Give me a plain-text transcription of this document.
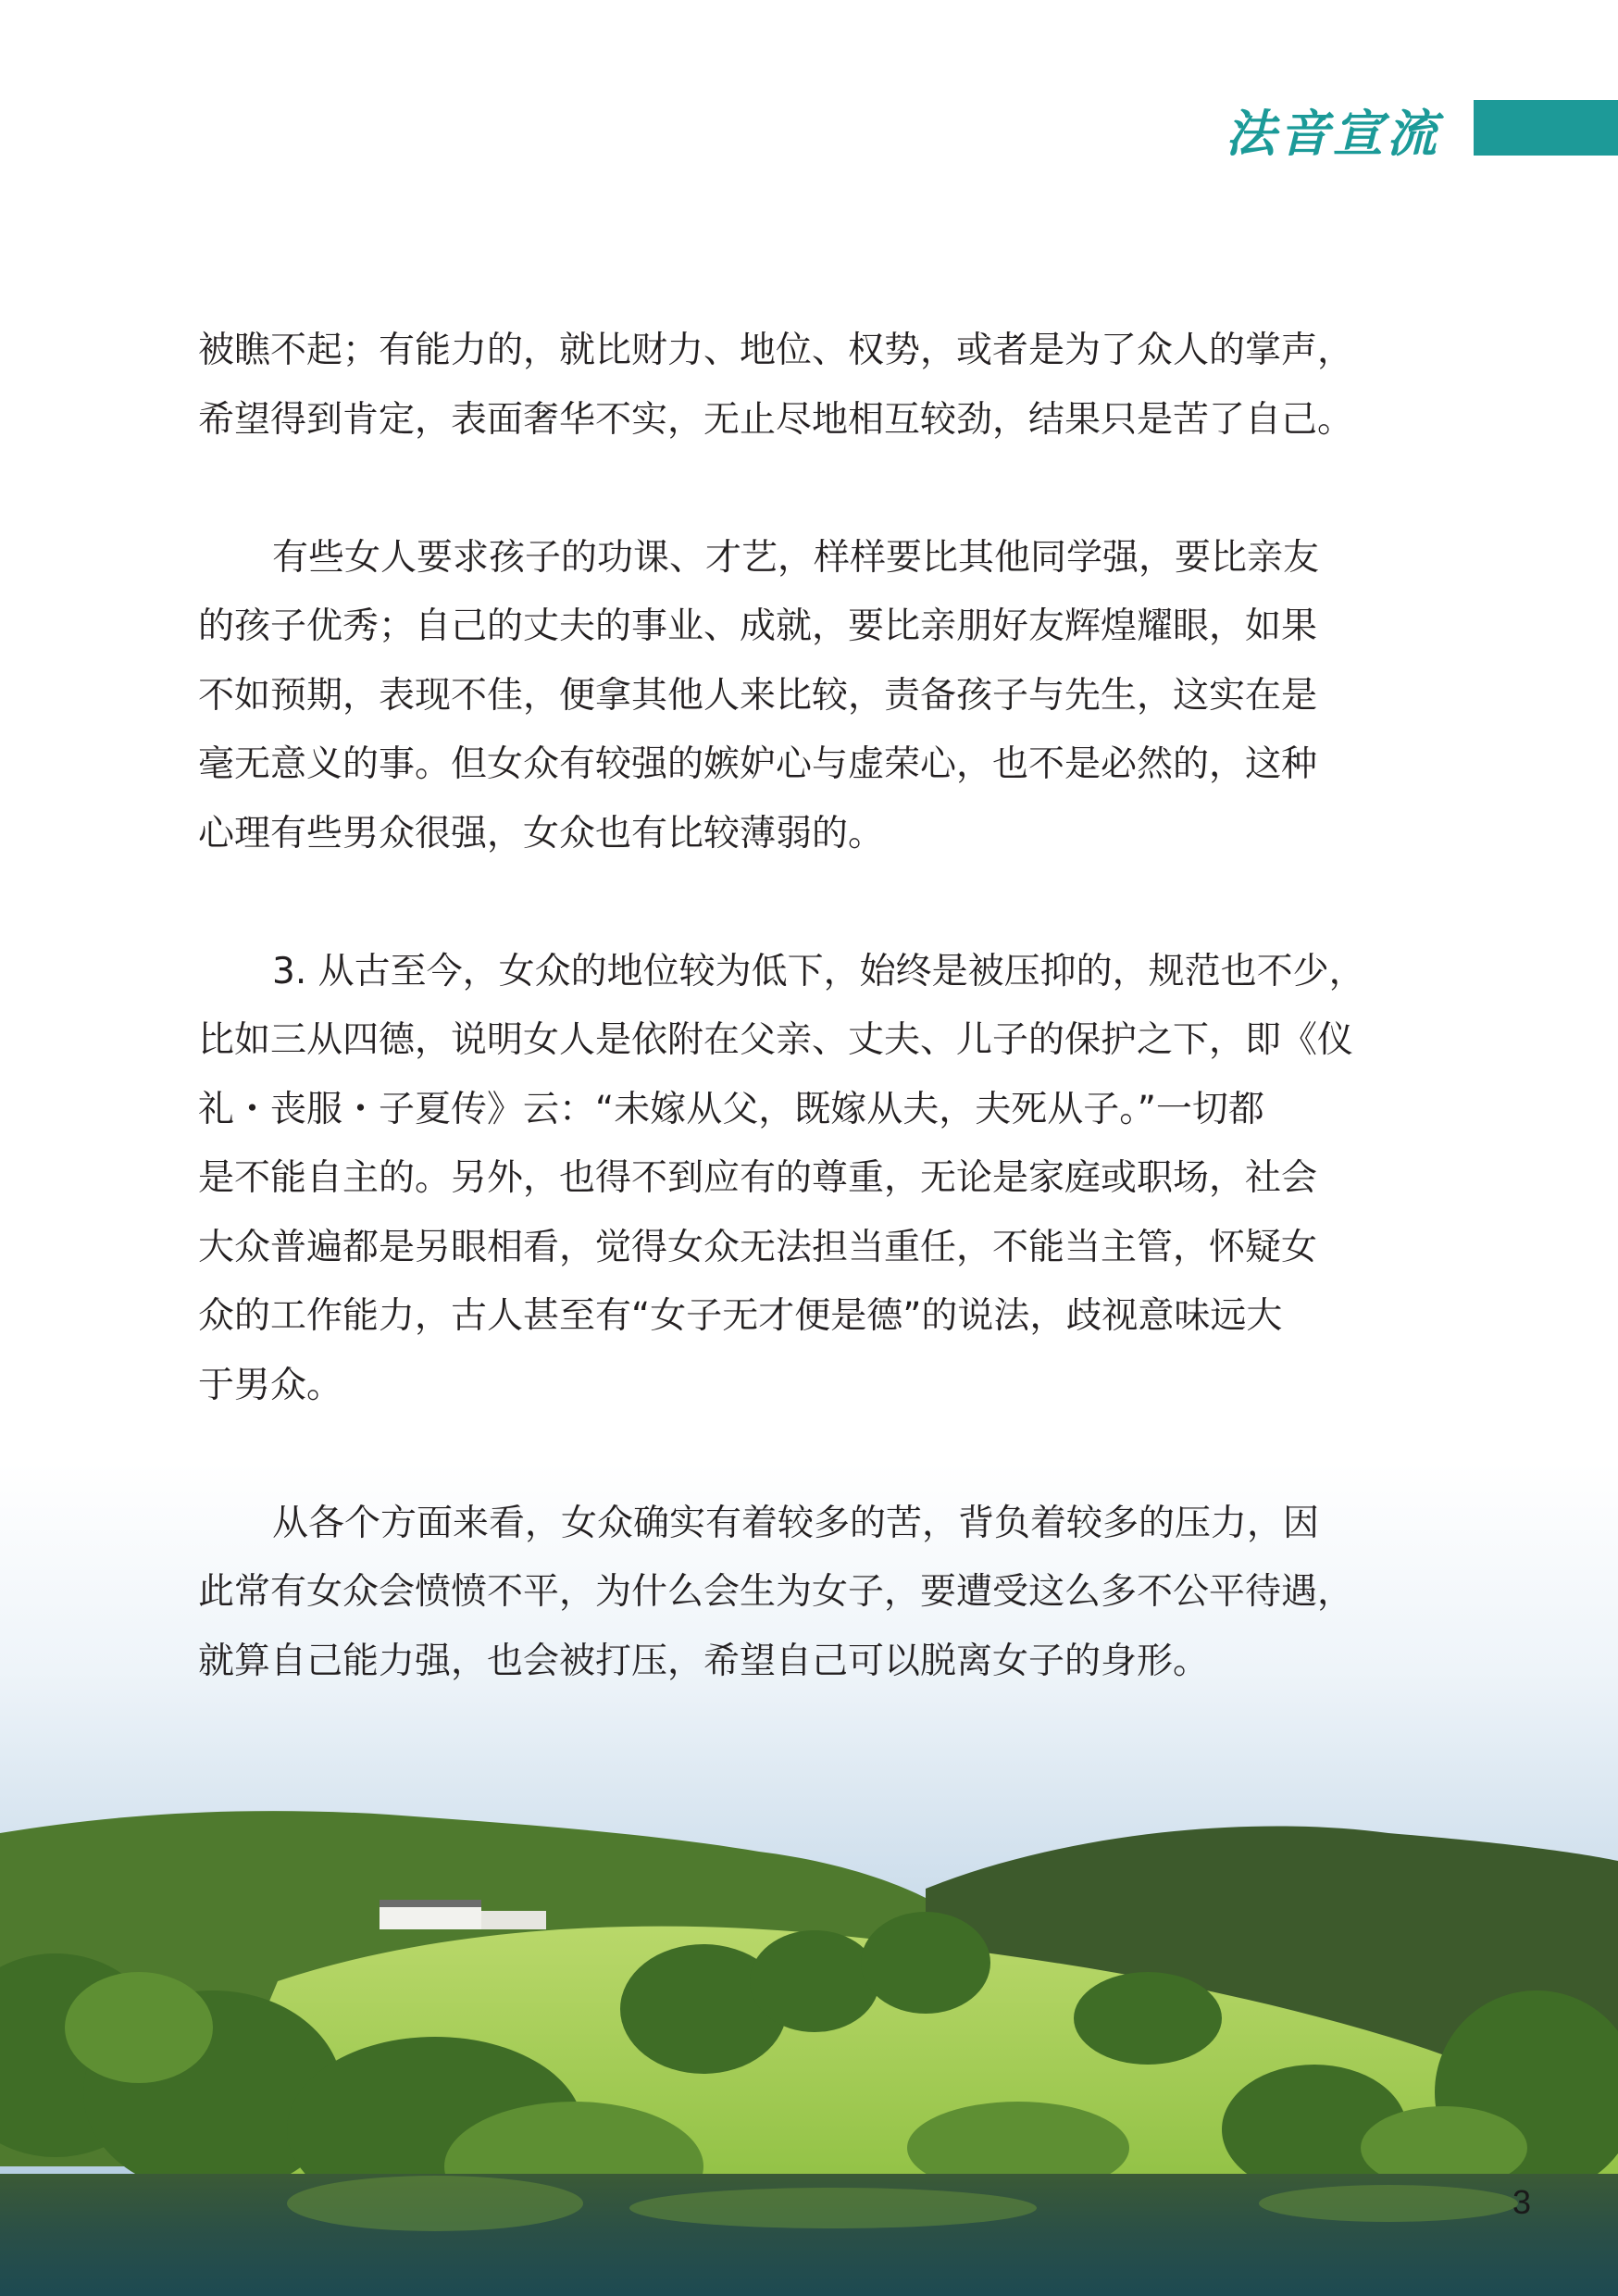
法音宣流
被瞧不起；有能力的，就比财力、地位、权势，或者是为了众人的掌声，
希望得到肯定，表面奢华不实，无止尽地相互较劲，结果只是苦了自己。
有些女人要求孩子的功课、才艺，样样要比其他同学强，要比亲友
的孩子优秀；自己的丈夫的事业、成就，要比亲朋好友辉煌耀眼，如果
不如预期，表现不佳，便拿其他人来比较，责备孩子与先生，这实在是
毫无意义的事。但女众有较强的嫉妒心与虚荣心，也不是必然的，这种
心理有些男众很强，女众也有比较薄弱的。
3. 从古至今，女众的地位较为低下，始终是被压抑的，规范也不少，
比如三从四德，说明女人是依附在父亲、丈夫、儿子的保护之下，即《仪
礼・丧服・子夏传》云：“未嫁从父，既嫁从夫，夫死从子。”一切都
是不能自主的。另外，也得不到应有的尊重，无论是家庭或职场，社会
大众普遍都是另眼相看，觉得女众无法担当重任，不能当主管，怀疑女
众的工作能力，古人甚至有“女子无才便是德”的说法，歧视意味远大
于男众。
从各个方面来看，女众确实有着较多的苦，背负着较多的压力，因
此常有女众会愤愤不平，为什么会生为女子，要遭受这么多不公平待遇，
就算自己能力强，也会被打压，希望自己可以脱离女子的身形。
3
